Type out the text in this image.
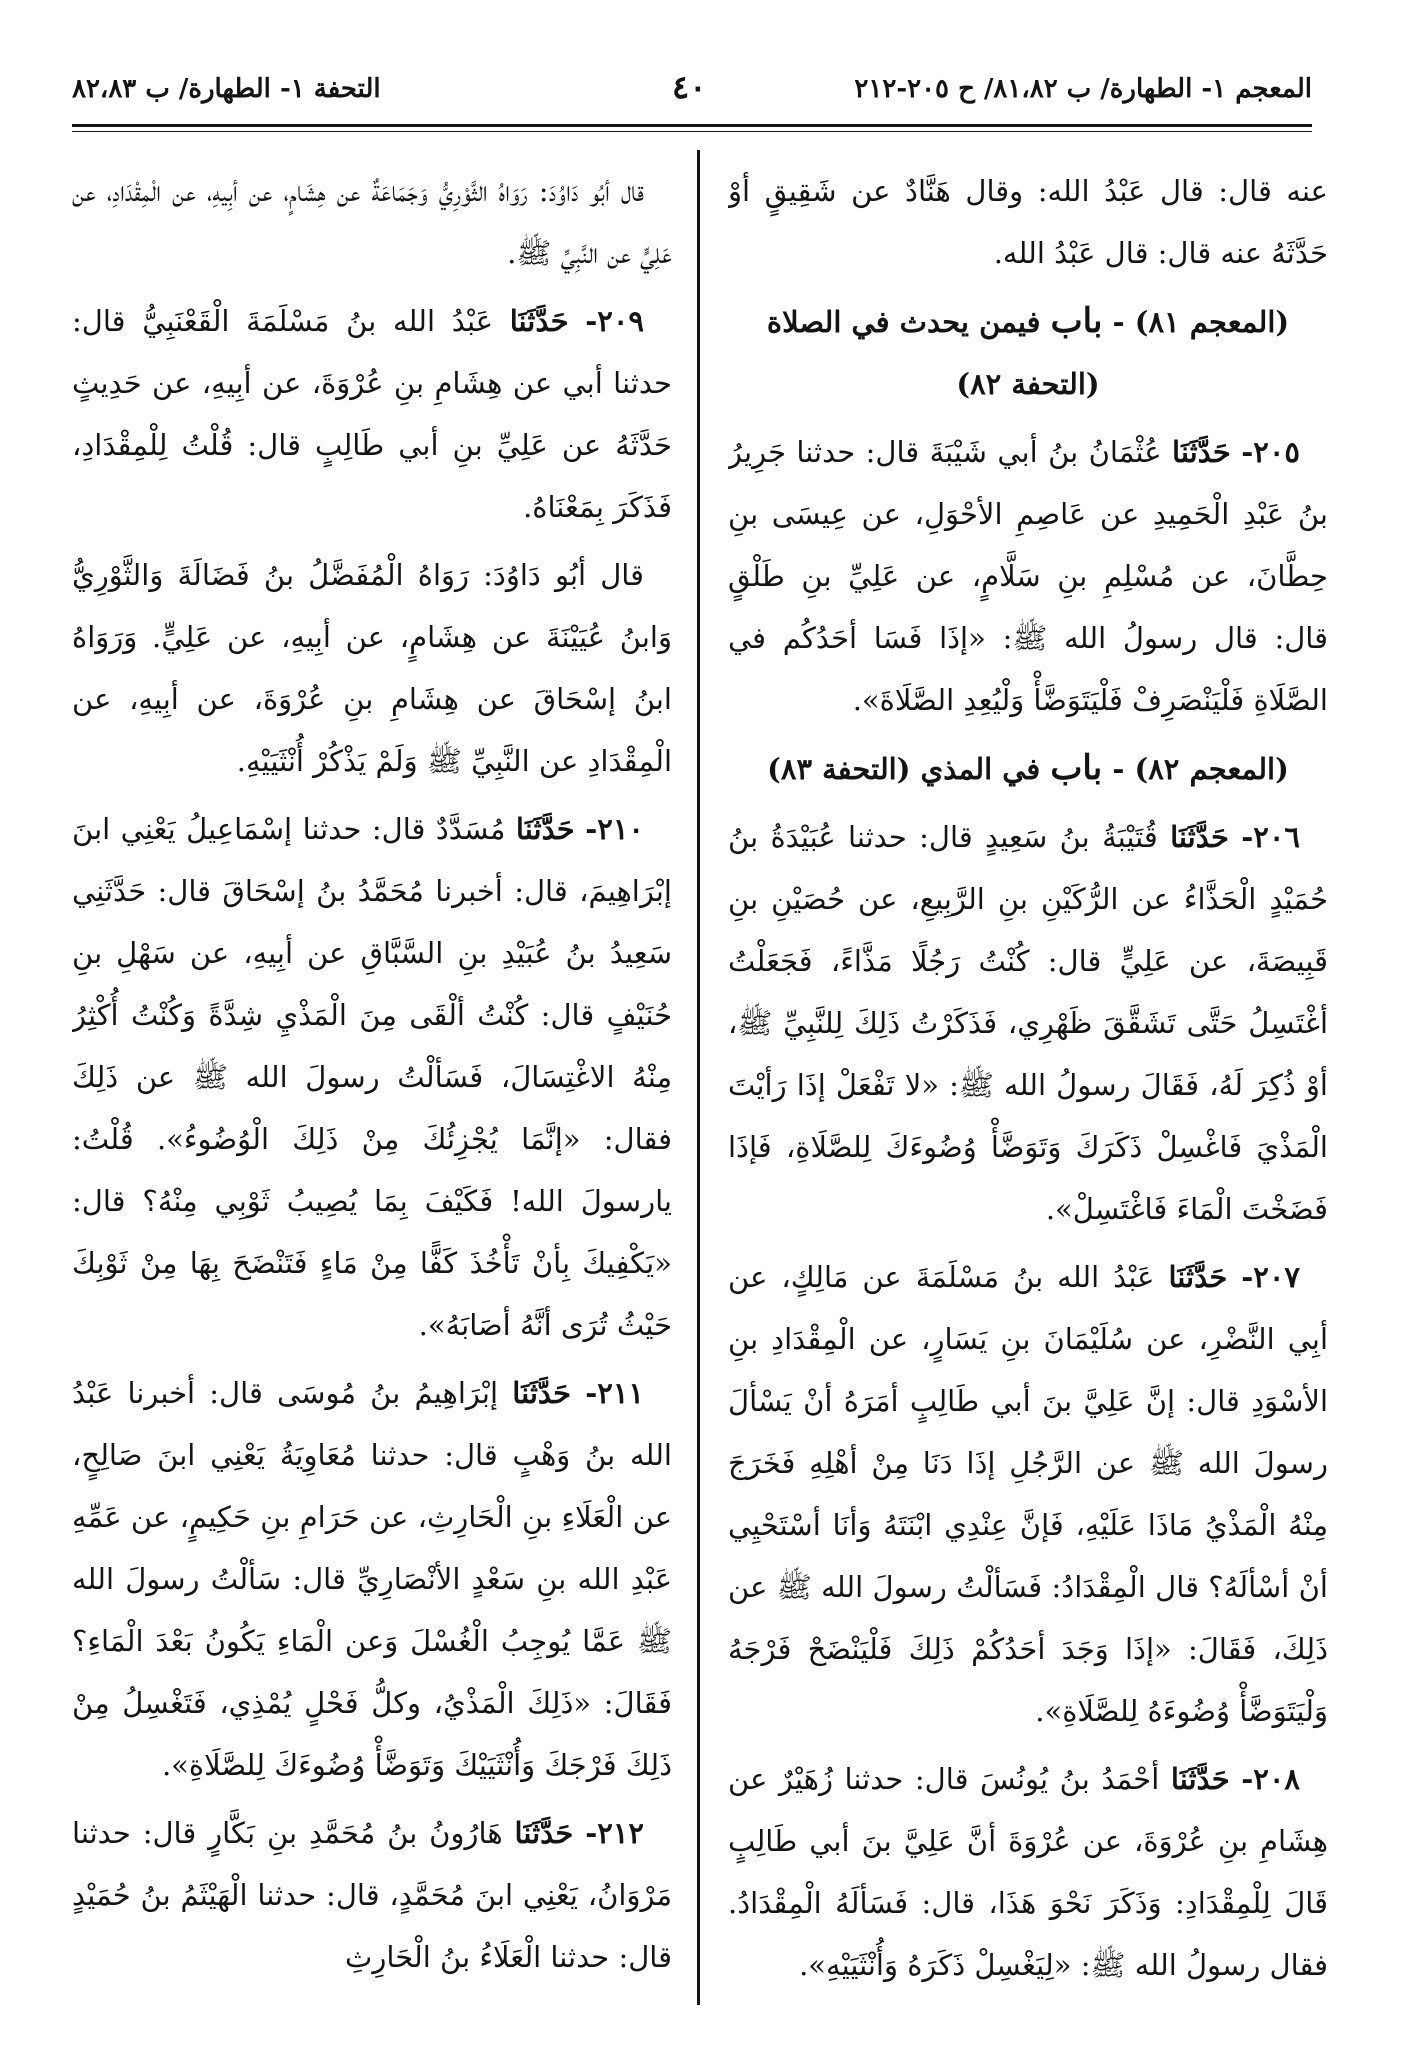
المعجم ١- الطهارة/ ب ٨١،٨٢/ ح ٢٠٥-٢١٢
٤٠
التحفة ١- الطهارة/ ب ٨٢،٨٣

عنه قال: قال عَبْدُ الله: وقال هَنَّادٌ عن شَقِيقٍ أوْ حَدَّثَهُ عنه قال: قال عَبْدُ الله.

(المعجم ٨١) - باب فيمن يحدث في الصلاة
(التحفة ٨٢)

٢٠٥- حَدَّثَنَا عُثْمَانُ بنُ أبي شَيْبَةَ قال: حدثنا جَرِيرُ بنُ عَبْدِ الْحَمِيدِ عن عَاصِمِ الأحْوَلِ، عن عِيسَى بنِ حِطَّانَ، عن مُسْلِمِ بنِ سَلَّامٍ، عن عَلِيِّ بنِ طَلْقٍ قال: قال رسولُ الله ﷺ: «إذَا فَسَا أحَدُكُم في الصَّلَاةِ فَلْيَنْصَرِفْ فَلْيَتَوَضَّأْ وَلْيُعِدِ الصَّلَاةَ».

(المعجم ٨٢) - باب في المذي (التحفة ٨٣)

٢٠٦- حَدَّثَنَا قُتَيْبَةُ بنُ سَعِيدٍ قال: حدثنا عُبَيْدَةُ بنُ حُمَيْدٍ الْحَذَّاءُ عن الرُّكَيْنِ بنِ الرَّبِيعِ، عن حُصَيْنِ بنِ قَبِيصَةَ، عن عَلِيٍّ قال: كُنْتُ رَجُلًا مَذَّاءً، فَجَعَلْتُ أغْتَسِلُ حَتَّى تَشَقَّقَ ظَهْرِي، فَذَكَرْتُ ذَلِكَ لِلنَّبِيِّ ﷺ، أوْ ذُكِرَ لَهُ، فَقَالَ رسولُ الله ﷺ: «لا تَفْعَلْ إذَا رَأيْتَ الْمَذْيَ فَاغْسِلْ ذَكَرَكَ وَتَوَضَّأْ وُضُوءَكَ لِلصَّلَاةِ، فَإذَا فَضَخْتَ الْمَاءَ فَاغْتَسِلْ».

٢٠٧- حَدَّثَنَا عَبْدُ الله بنُ مَسْلَمَةَ عن مَالِكٍ، عن أبِي النَّضْرِ، عن سُلَيْمَانَ بنِ يَسَارٍ، عن الْمِقْدَادِ بنِ الأسْوَدِ قال: إنَّ عَلِيَّ بنَ أبي طَالِبٍ أمَرَهُ أنْ يَسْألَ رسولَ الله ﷺ عن الرَّجُلِ إذَا دَنَا مِنْ أهْلِهِ فَخَرَجَ مِنْهُ الْمَذْيُ مَاذَا عَلَيْهِ، فَإنَّ عِنْدِي ابْنَتَهُ وَأنَا أسْتَحْيِي أنْ أسْألَهُ؟ قال الْمِقْدَادُ: فَسَألْتُ رسولَ الله ﷺ عن ذَلِكَ، فَقَالَ: «إذَا وَجَدَ أحَدُكُمْ ذَلِكَ فَلْيَنْضَحْ فَرْجَهُ وَلْيَتَوَضَّأْ وُضُوءَهُ لِلصَّلَاةِ».

٢٠٨- حَدَّثَنَا أحْمَدُ بنُ يُونُسَ قال: حدثنا زُهَيْرٌ عن هِشَامِ بنِ عُرْوَةَ، عن عُرْوَةَ أنَّ عَلِيَّ بنَ أبي طَالِبٍ قَالَ لِلْمِقْدَادِ: وَذَكَرَ نَحْوَ هَذَا، قال: فَسَألَهُ الْمِقْدَادُ. فقال رسولُ الله ﷺ: «لِيَغْسِلْ ذَكَرَهُ وَأُنْثَيَيْهِ».

قال أبُو دَاوُدَ: رَوَاهُ الثَّوْرِيُّ وَجَمَاعَةٌ عن هِشَامٍ، عن أبِيهِ، عن الْمِقْدَادِ، عن عَلِيٍّ عن النَّبِيِّ ﷺ.

٢٠٩- حَدَّثَنَا عَبْدُ الله بنُ مَسْلَمَةَ الْقَعْنَبِيُّ قال: حدثنا أبي عن هِشَامِ بنِ عُرْوَةَ، عن أبِيهِ، عن حَدِيثٍ حَدَّثَهُ عن عَلِيِّ بنِ أبي طَالِبٍ قال: قُلْتُ لِلْمِقْدَادِ، فَذَكَرَ بِمَعْنَاهُ.

قال أبُو دَاوُدَ: رَوَاهُ الْمُفَضَّلُ بنُ فَضَالَةَ وَالثَّوْرِيُّ وَابنُ عُيَيْنَةَ عن هِشَامٍ، عن أبِيهِ، عن عَلِيٍّ. وَرَوَاهُ ابنُ إسْحَاقَ عن هِشَامِ بنِ عُرْوَةَ، عن أبِيهِ، عن الْمِقْدَادِ عن النَّبِيِّ ﷺ وَلَمْ يَذْكُرْ أُنْثَيَيْهِ.

٢١٠- حَدَّثَنَا مُسَدَّدٌ قال: حدثنا إسْمَاعِيلُ يَعْنِي ابنَ إبْرَاهِيمَ، قال: أخبرنا مُحَمَّدُ بنُ إسْحَاقَ قال: حَدَّثَنِي سَعِيدُ بنُ عُبَيْدِ بنِ السَّبَّاقِ عن أبِيهِ، عن سَهْلِ بنِ حُنَيْفٍ قال: كُنْتُ ألْقَى مِنَ الْمَذْيِ شِدَّةً وَكُنْتُ أُكْثِرُ مِنْهُ الاغْتِسَالَ، فَسَألْتُ رسولَ الله ﷺ عن ذَلِكَ فقال: «إنَّمَا يُجْزِئُكَ مِنْ ذَلِكَ الْوُضُوءُ». قُلْتُ: يارسولَ الله! فَكَيْفَ بِمَا يُصِيبُ ثَوْبِي مِنْهُ؟ قال: «يَكْفِيكَ بِأنْ تَأْخُذَ كَفًّا مِنْ مَاءٍ فَتَنْضَحَ بِهَا مِنْ ثَوْبِكَ حَيْثُ تُرَى أنَّهُ أصَابَهُ».

٢١١- حَدَّثَنَا إبْرَاهِيمُ بنُ مُوسَى قال: أخبرنا عَبْدُ الله بنُ وَهْبٍ قال: حدثنا مُعَاوِيَةُ يَعْنِي ابنَ صَالِحٍ، عن الْعَلَاءِ بنِ الْحَارِثِ، عن حَرَامِ بنِ حَكِيمٍ، عن عَمِّهِ عَبْدِ الله بنِ سَعْدٍ الأنْصَارِيِّ قال: سَألْتُ رسولَ الله ﷺ عَمَّا يُوجِبُ الْغُسْلَ وَعن الْمَاءِ يَكُونُ بَعْدَ الْمَاءِ؟ فَقَالَ: «ذَلِكَ الْمَذْيُ، وكلُّ فَحْلٍ يُمْذِي، فَتَغْسِلُ مِنْ ذَلِكَ فَرْجَكَ وَأُنْثَيَيْكَ وَتَوَضَّأْ وُضُوءَكَ لِلصَّلَاةِ».

٢١٢- حَدَّثَنَا هَارُونُ بنُ مُحَمَّدِ بنِ بَكَّارٍ قال: حدثنا مَرْوَانُ، يَعْنِي ابنَ مُحَمَّدٍ، قال: حدثنا الْهَيْثَمُ بنُ حُمَيْدٍ قال: حدثنا الْعَلَاءُ بنُ الْحَارِثِ
